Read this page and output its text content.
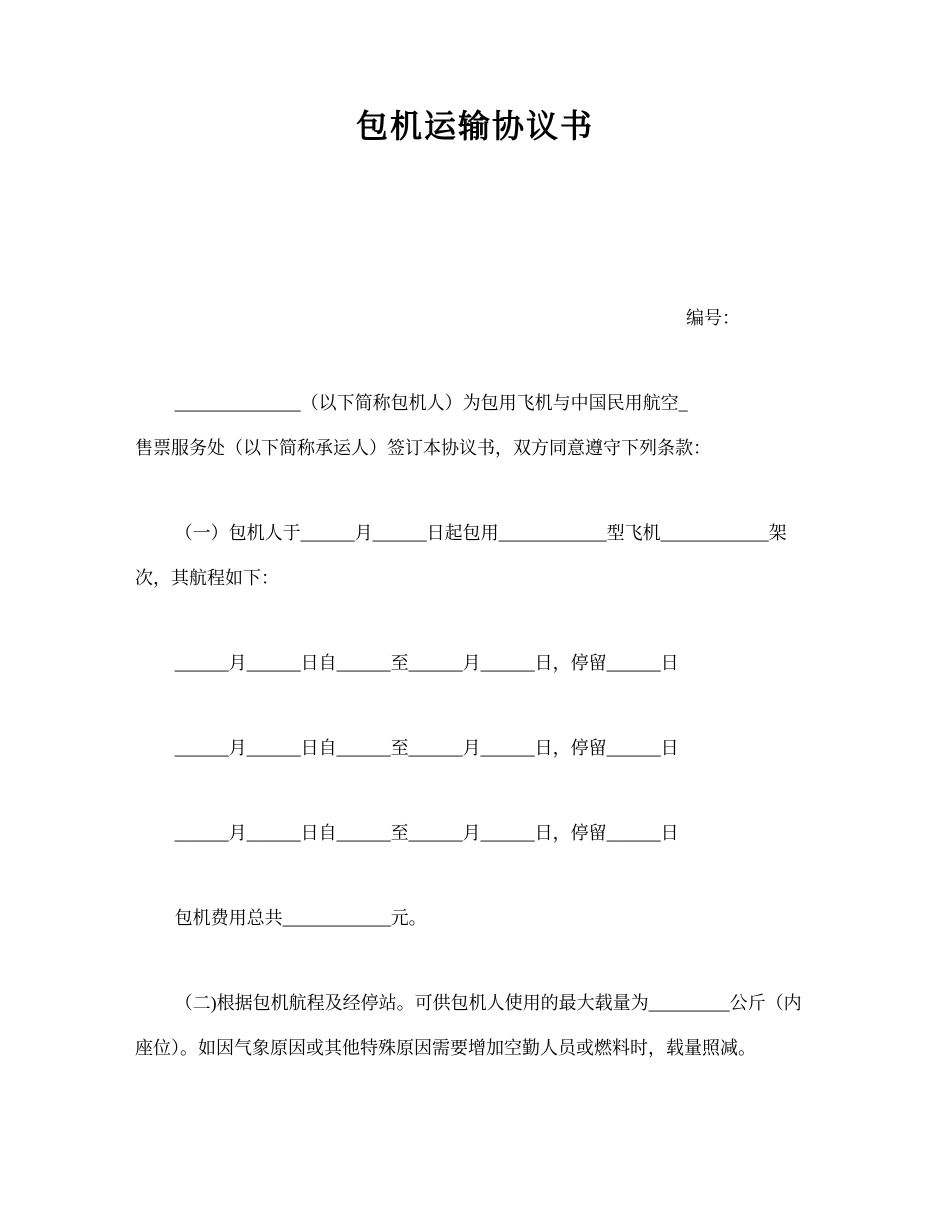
包机运输协议书
编号：
______________（以下简称包机人）为包用飞机与中国民用航空_
售票服务处（以下简称承运人）签订本协议书，双方同意遵守下列条款：
（一）包机人于______月______日起包用____________型飞机____________架
次，其航程如下：
______月______日自______至______月______日，停留______日
______月______日自______至______月______日，停留______日
______月______日自______至______月______日，停留______日
包机费用总共____________元。
（二)根据包机航程及经停站。可供包机人使用的最大载量为_________公斤（内
座位）。如因气象原因或其他特殊原因需要增加空勤人员或燃料时，载量照减。
